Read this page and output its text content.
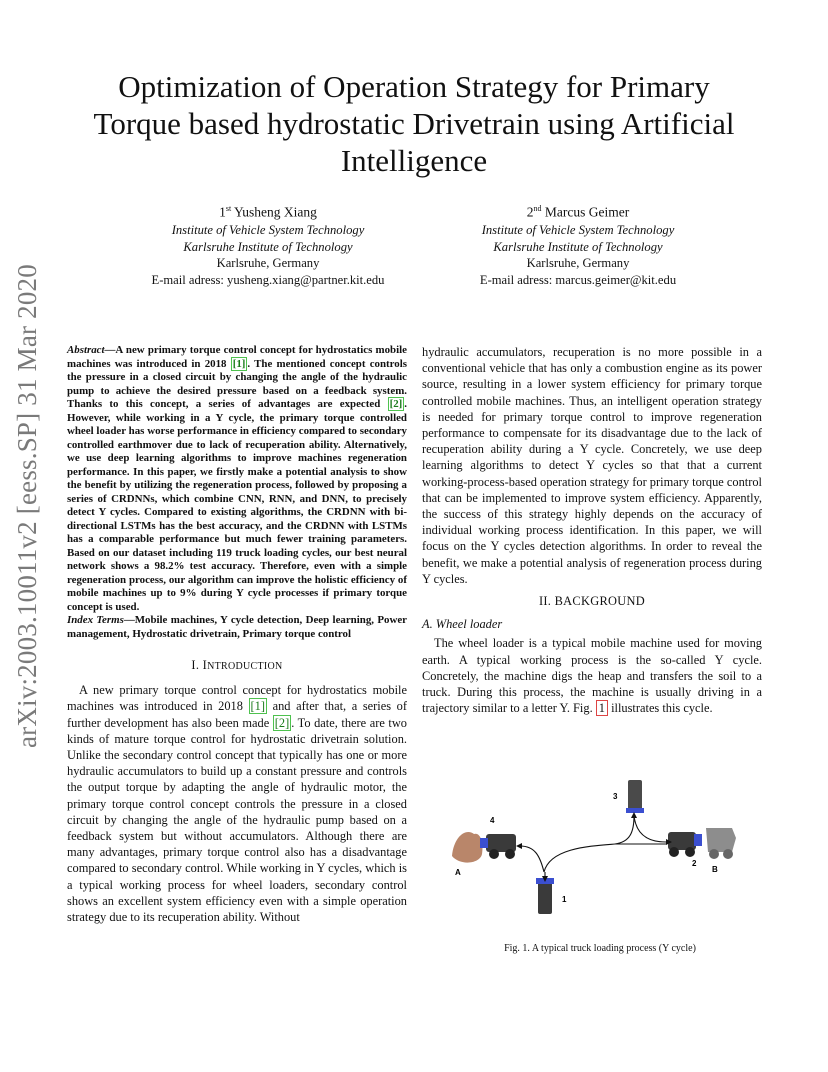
arXiv:2003.10011v2 [eess.SP] 31 Mar 2020
Optimization of Operation Strategy for Primary Torque based hydrostatic Drivetrain using Artificial Intelligence
1st Yusheng Xiang
Institute of Vehicle System Technology
Karlsruhe Institute of Technology
Karlsruhe, Germany
E-mail adress: yusheng.xiang@partner.kit.edu
2nd Marcus Geimer
Institute of Vehicle System Technology
Karlsruhe Institute of Technology
Karlsruhe, Germany
E-mail adress: marcus.geimer@kit.edu

Abstract—A new primary torque control concept for hydrostatics mobile machines was introduced in 2018 [1] . The mentioned concept controls the pressure in a closed circuit by changing the angle of the hydraulic pump to achieve the desired pressure based on a feedback system. Thanks to this concept, a series of advantages are expected [2] . However, while working in a Y cycle, the primary torque controlled wheel loader has worse performance in efficiency compared to secondary controlled earthmover due to lack of recuperation ability. Alternatively, we use deep learning algorithms to improve machines regeneration performance. In this paper, we firstly make a potential analysis to show the benefit by utilizing the regeneration process, followed by proposing a series of CRDNNs, which combine CNN, RNN, and DNN, to precisely detect Y cycles. Compared to existing algorithms, the CRDNN with bi-directional LSTMs has the best accuracy, and the CRDNN with LSTMs has a comparable performance but much fewer training parameters. Based on our dataset including 119 truck loading cycles, our best neural network shows a 98.2% test accuracy. Therefore, even with a simple regeneration process, our algorithm can improve the holistic efficiency of mobile machines up to 9% during Y cycle processes if primary torque concept is used.

Index Terms—Mobile machines, Y cycle detection, Deep learning, Power management, Hydrostatic drivetrain, Primary torque control

I. INTRODUCTION

A new primary torque control concept for hydrostatics mobile machines was introduced in 2018 [1] and after that, a series of further development has also been made [2] . To date, there are two kinds of mature torque control for hydrostatic drivetrain solution. Unlike the secondary control concept that typically has one or more hydraulic accumulators to build up a constant pressure and controls the output torque by adapting the angle of hydraulic motor, the primary torque control concept controls the pressure in a closed circuit by changing the angle of the hydraulic pump based on a feedback system but without accumulators. Although there are many advantages, primary torque control also has a disadvantage compared to secondary control. While working in Y cycles, which is a typical working process for wheel loaders, secondary control shows an excellent system efficiency even with a simple operation strategy due to its recuperation ability. Without

hydraulic accumulators, recuperation is no more possible in a conventional vehicle that has only a combustion engine as its power source, resulting in a lower system efficiency for primary torque controlled mobile machines. Thus, an intelligent operation strategy is needed for primary torque control to improve regeneration performance to compensate for its disadvantage due to the lack of recuperation ability during a Y cycle. Concretely, we use deep learning algorithms to detect Y cycles so that that a current working-process-based operation strategy for primary torque control that can be implemented to improve system efficiency. Apparently, the success of this strategy highly depends on the accuracy of individual working process identification. In this paper, we will focus on the Y cycles detection algorithms. In order to reveal the benefit, we make a potential analysis of regeneration process during Y cycles.

II. BACKGROUND
A. Wheel loader

The wheel loader is a typical mobile machine used for moving earth. A typical working process is the so-called Y cycle. Concretely, the machine digs the heap and transfers the soil to a truck. During this process, the machine is usually driving in a trajectory similar to a letter Y. Fig. 1 illustrates this cycle.

A
4
3
1
2
B
Fig. 1. A typical truck loading process (Y cycle)
